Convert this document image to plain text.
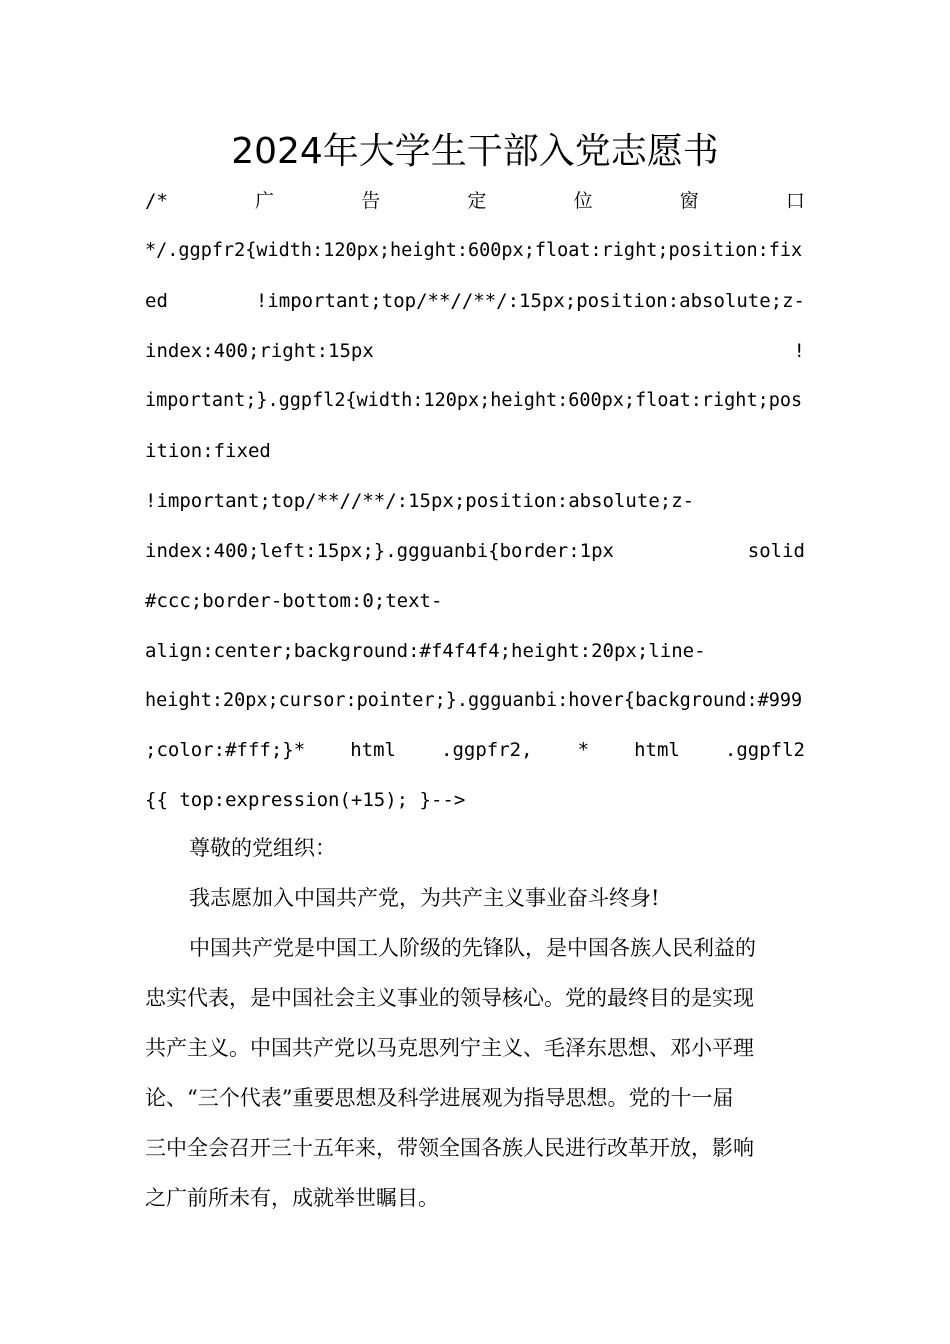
2024年大学生干部入党志愿书
/*	广	告	定	位	窗	口
*/.ggpfr2{width:120px;height:600px;float:right;position:fix
ed	!important;top/**//**/:15px;position:absolute;z-
index:400;right:15px	!
important;}.ggpfl2{width:120px;height:600px;float:right;pos
ition:fixed
!important;top/**//**/:15px;position:absolute;z-
index:400;left:15px;}.ggguanbi{border:1px	solid
#ccc;border-bottom:0;text-
align:center;background:#f4f4f4;height:20px;line-
height:20px;cursor:pointer;}.ggguanbi:hover{background:#999
;color:#fff;}* html .ggpfr2, * html .ggpfl2
{{ top:expression(+15); }-->
尊敬的党组织：
我志愿加入中国共产党，为共产主义事业奋斗终身!
中国共产党是中国工人阶级的先锋队，是中国各族人民利益的
忠实代表，是中国社会主义事业的领导核心。党的最终目的是实现
共产主义。中国共产党以马克思列宁主义、毛泽东思想、邓小平理
论、“三个代表”重要思想及科学进展观为指导思想。党的十一届
三中全会召开三十五年来，带领全国各族人民进行改革开放，影响
之广前所未有，成就举世瞩目。
